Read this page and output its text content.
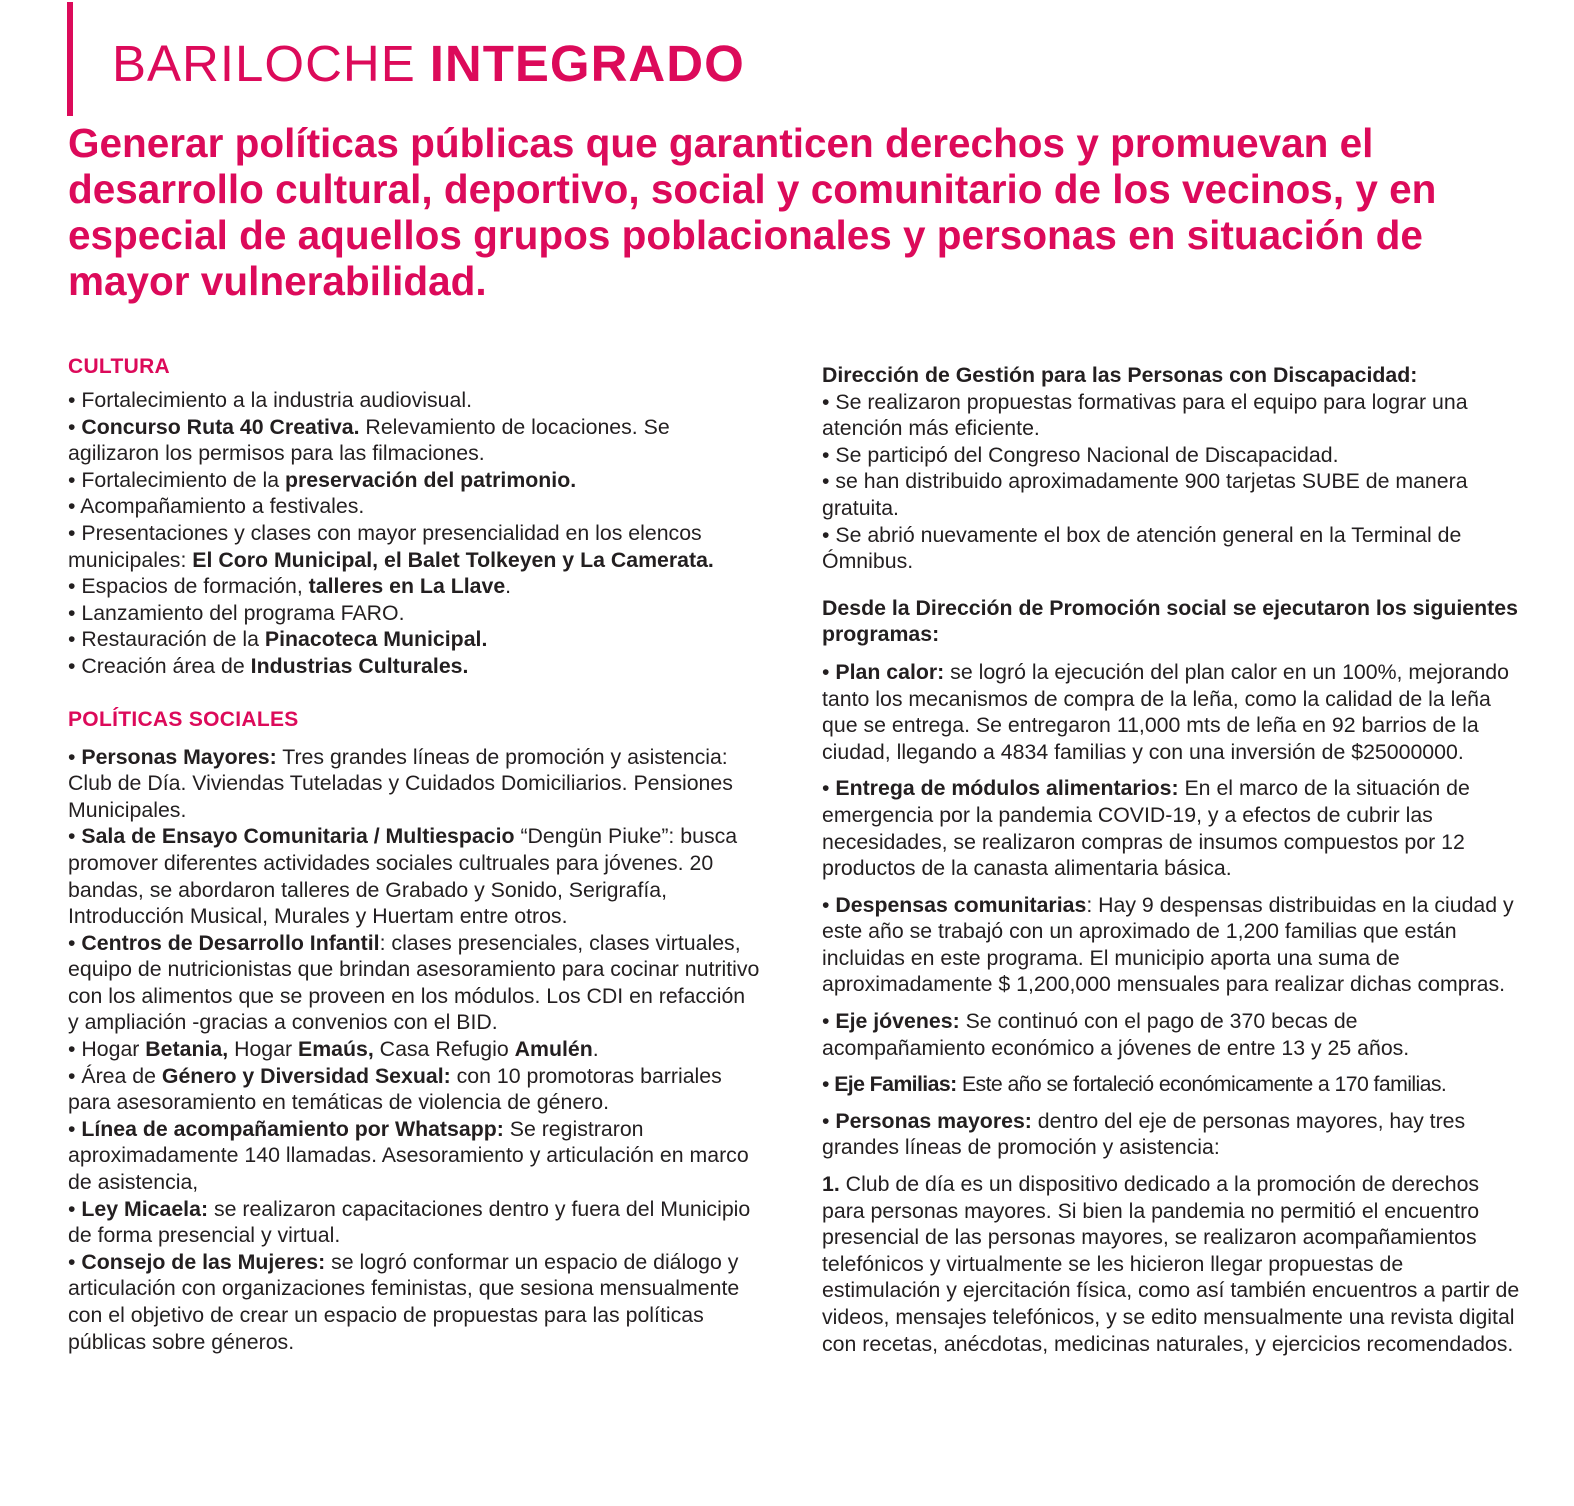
BARILOCHE INTEGRADO
Generar políticas públicas que garanticen derechos y promuevan el desarrollo cultural, deportivo, social y comunitario de los vecinos, y en especial de aquellos grupos poblacionales y personas en situación de mayor vulnerabilidad.

CULTURA

• Fortalecimiento a la industria audiovisual.

• Concurso Ruta 40 Creativa. Relevamiento de locaciones. Se agilizaron los permisos para las filmaciones.

• Fortalecimiento de la preservación del patrimonio.

• Acompañamiento a festivales.

• Presentaciones y clases con mayor presencialidad en los elencos municipales: El Coro Municipal, el Balet Tolkeyen y La Camerata.

• Espacios de formación, talleres en La Llave.

• Lanzamiento del programa FARO.

• Restauración de la Pinacoteca Municipal.

• Creación área de Industrias Culturales.

POLÍTICAS SOCIALES

• Personas Mayores: Tres grandes líneas de promoción y asistencia: Club de Día. Viviendas Tuteladas y Cuidados Domiciliarios. Pensiones Municipales.

• Sala de Ensayo Comunitaria / Multiespacio “Dengün Piuke”: busca promover diferentes actividades sociales cultruales para jóvenes. 20 bandas, se abordaron talleres de Grabado y Sonido, Serigrafía, Introducción Musical, Murales y Huertam entre otros.

• Centros de Desarrollo Infantil: clases presenciales, clases virtuales, equipo de nutricionistas que brindan asesoramiento para cocinar nutritivo con los alimentos que se proveen en los módulos. Los CDI en refacción y ampliación -gracias a convenios con el BID.

• Hogar Betania, Hogar Emaús, Casa Refugio Amulén.

• Área de Género y Diversidad Sexual: con 10 promotoras barriales para asesoramiento en temáticas de violencia de género.

• Línea de acompañamiento por Whatsapp: Se registraron aproximadamente 140 llamadas. Asesoramiento y articulación en marco de asistencia,

• Ley Micaela: se realizaron capacitaciones dentro y fuera del Municipio de forma presencial y virtual.

• Consejo de las Mujeres: se logró conformar un espacio de diálogo y articulación con organizaciones feministas, que sesiona mensualmente con el objetivo de crear un espacio de propuestas para las políticas públicas sobre géneros.

Dirección de Gestión para las Personas con Discapacidad:

• Se realizaron propuestas formativas para el equipo para lograr una atención más eficiente.

• Se participó del Congreso Nacional de Discapacidad.

• se han distribuido aproximadamente 900 tarjetas SUBE de manera gratuita.

• Se abrió nuevamente el box de atención general en la Terminal de Ómnibus.

Desde la Dirección de Promoción social se ejecutaron los siguientes programas:

• Plan calor: se logró la ejecución del plan calor en un 100%, mejorando tanto los mecanismos de compra de la leña, como la calidad de la leña que se entrega. Se entregaron 11,000 mts de leña en 92 barrios de la ciudad, llegando a 4834 familias y con una inversión de $25000000.

• Entrega de módulos alimentarios: En el marco de la situación de emergencia por la pandemia COVID-19, y a efectos de cubrir las necesidades, se realizaron compras de insumos compuestos por 12 productos de la canasta alimentaria básica.

• Despensas comunitarias: Hay 9 despensas distribuidas en la ciudad y este año se trabajó con un aproximado de 1,200 familias que están incluidas en este programa. El municipio aporta una suma de aproximadamente $ 1,200,000 mensuales para realizar dichas compras.

• Eje jóvenes: Se continuó con el pago de 370 becas de acompañamiento económico a jóvenes de entre 13 y 25 años.

• Eje Familias: Este año se fortaleció económicamente a 170 familias.

• Personas mayores: dentro del eje de personas mayores, hay tres grandes líneas de promoción y asistencia:

1. Club de día es un dispositivo dedicado a la promoción de derechos para personas mayores. Si bien la pandemia no permitió el encuentro presencial de las personas mayores, se realizaron acompañamientos telefónicos y virtualmente se les hicieron llegar propuestas de estimulación y ejercitación física, como así también encuentros a partir de videos, mensajes telefónicos, y se edito mensualmente una revista digital con recetas, anécdotas, medicinas naturales, y ejercicios recomendados.
